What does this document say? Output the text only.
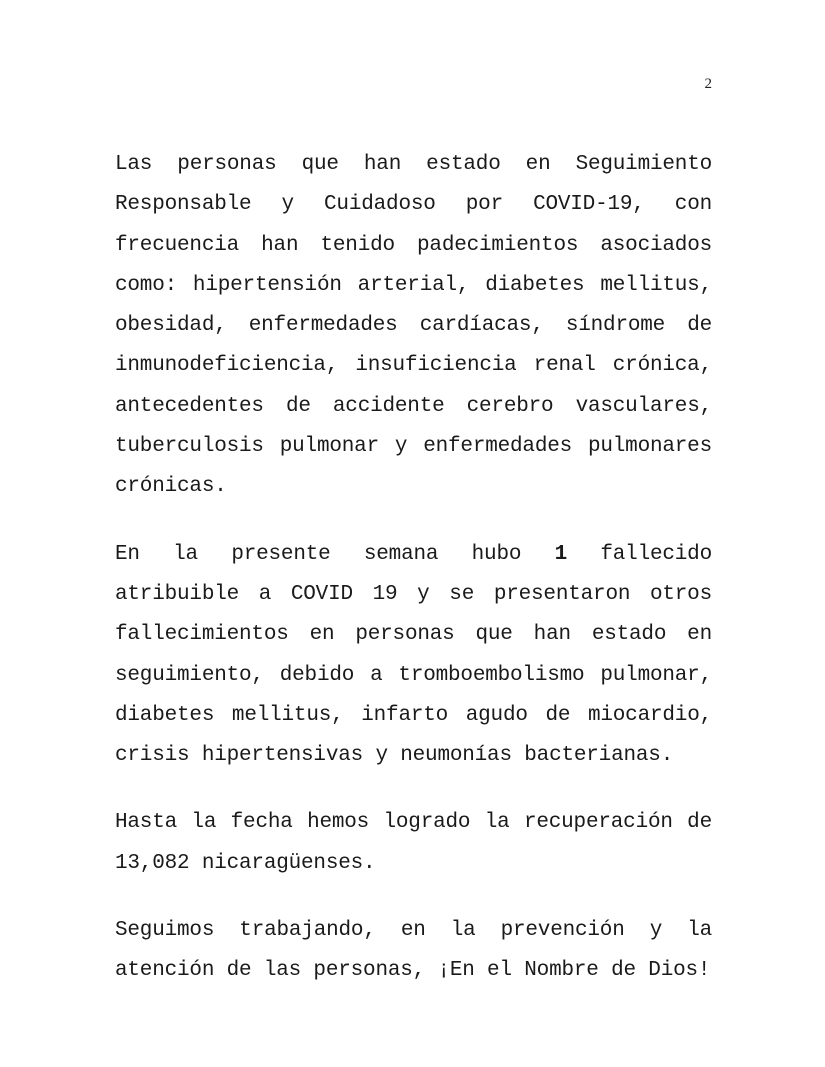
2

Las personas que han estado en Seguimiento Responsable y Cuidadoso por COVID-19, con frecuencia han tenido padecimientos asociados como: hipertensión arterial, diabetes mellitus, obesidad, enfermedades cardíacas, síndrome de inmunodeficiencia, insuficiencia renal crónica, antecedentes de accidente cerebro vasculares, tuberculosis pulmonar y enfermedades pulmonares crónicas.

En la presente semana hubo 1 fallecido atribuible a COVID 19 y se presentaron otros fallecimientos en personas que han estado en seguimiento, debido a tromboembolismo pulmonar, diabetes mellitus, infarto agudo de miocardio, crisis hipertensivas y neumonías bacterianas.

Hasta la fecha hemos logrado la recuperación de 13,082 nicaragüenses.

Seguimos trabajando, en la prevención y la atención de las personas, ¡En el Nombre de Dios!
